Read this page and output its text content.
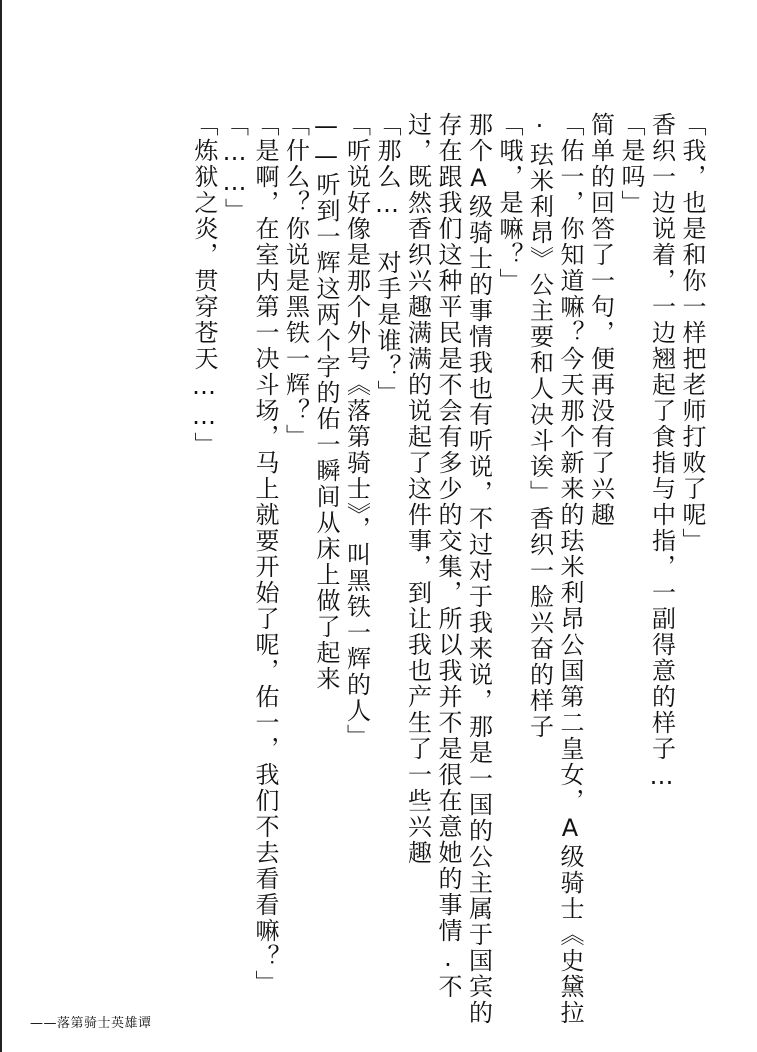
「我，也是和你一样把老师打败了呢」

香织一边说着，一边翘起了食指与中指，一副得意的样子…

「是吗」

简单的回答了一句，便再没有了兴趣

「佑一，你知道嘛？今天那个新来的珐米利昂公国第二皇女，A级骑士《史黛拉·珐米利昂》公主要和人决斗诶」香织一脸兴奋的样子

「哦，是嘛？」

那个A级骑士的事情我也有听说，不过对于我来说，那是一国的公主属于国宾的存在跟我们这种平民是不会有多少的交集，所以我并不是很在意她的事情.不过，既然香织兴趣满满的说起了这件事，到让我也产生了一些兴趣

「那么… 对手是谁？」

「听说好像是那个外号《落第骑士》，叫黑铁一辉的人」

——听到一辉这两个字的佑一瞬间从床上做了起来

「什么？你说是黑铁一辉？」

「是啊，在室内第一决斗场，马上就要开始了呢，佑一，我们不去看看嘛？」

「……」

「炼狱之炎，贯穿苍天……」

——落第骑士英雄谭
